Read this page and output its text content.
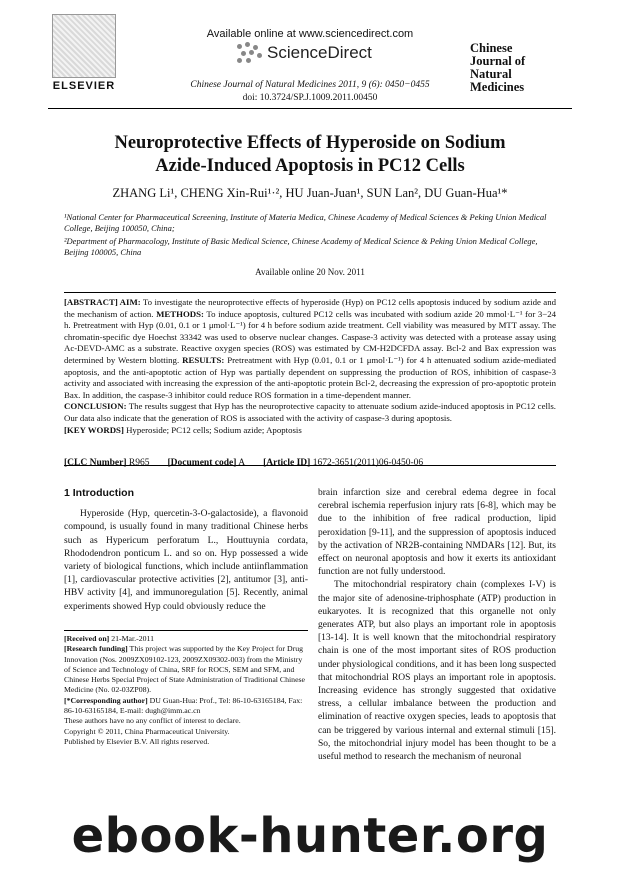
ELSEVIER
Available online at www.sciencedirect.com
ScienceDirect
Chinese Journal of Natural Medicines 2011, 9 (6): 0450−0455
doi: 10.3724/SP.J.1009.2011.00450
Chinese
Journal of
Natural
Medicines
Neuroprotective Effects of Hyperoside on Sodium
Azide-Induced Apoptosis in PC12 Cells
ZHANG Li¹, CHENG Xin-Rui¹·², HU Juan-Juan¹, SUN Lan², DU Guan-Hua¹*
¹National Center for Pharmaceutical Screening, Institute of Materia Medica, Chinese Academy of Medical Sciences & Peking Union Medical College, Beijing 100050, China;
²Department of Pharmacology, Institute of Basic Medical Science, Chinese Academy of Medical Science & Peking Union Medical College, Beijing 100005, China
Available online 20 Nov. 2011
[ABSTRACT] AIM: To investigate the neuroprotective effects of hyperoside (Hyp) on PC12 cells apoptosis induced by sodium azide and the mechanism of action. METHODS: To induce apoptosis, cultured PC12 cells was incubated with sodium azide 20 mmol·L⁻¹ for 3−24 h. Pretreatment with Hyp (0.01, 0.1 or 1 μmol·L⁻¹) for 4 h before sodium azide treatment. Cell viability was measured by MTT assay. The chromatin-specific dye Hoechst 33342 was used to observe nuclear changes. Caspase-3 activity was detected with a protease assay using Ac-DEVD-AMC as a substrate. Reactive oxygen species (ROS) was estimated by CM-H2DCFDA assay. Bcl-2 and Bax expression was determined by Western blotting. RESULTS: Pretreatment with Hyp (0.01, 0.1 or 1 μmol·L⁻¹) for 4 h attenuated sodium azide-mediated apoptosis, and the anti-apoptotic action of Hyp was partially dependent on suppressing the production of ROS, inhibition of caspase-3 activity and associated with increasing the expression of the anti-apoptotic protein Bcl-2, decreasing the expression of pro-apoptotic protein Bax. In addition, the caspase-3 inhibitor could reduce ROS formation in a time-dependent manner.
CONCLUSION: The results suggest that Hyp has the neuroprotective capacity to attenuate sodium azide-induced apoptosis in PC12 cells. Our data also indicate that the generation of ROS is associated with the activity of caspase-3 during apoptosis.
[KEY WORDS] Hyperoside; PC12 cells; Sodium azide; Apoptosis
[CLC Number] R965 [Document code] A [Article ID] 1672-3651(2011)06-0450-06
1 Introduction

Hyperoside (Hyp, quercetin-3-O-galactoside), a flavonoid compound, is usually found in many traditional Chinese herbs such as Hypericum perforatum L., Houttuynia cordata, Rhododendron ponticum L. and so on. Hyp possessed a wide variety of biological functions, which include antiinflammation [1], cardiovascular protective activities [2], antitumor [3], anti-HBV activity [4], and immunoregulation [5]. Recently, animal experiments showed Hyp could obviously reduce the

brain infarction size and cerebral edema degree in focal cerebral ischemia reperfusion injury rats [6-8], which may be due to the inhibition of free radical production, lipid peroxidation [9-11], and the suppression of apoptosis induced by the activation of NR2B-containing NMDARs [12]. But, its effect on neuronal apoptosis and how it exerts its antioxidant function are not fully understood.

The mitochondrial respiratory chain (complexes I-V) is the major site of adenosine-triphosphate (ATP) production in eukaryotes. It is recognized that this organelle not only generates ATP, but also plays an important role in apoptosis [13-14]. It is well known that the mitochondrial respiratory chain is one of the most important sites of ROS production under physiological conditions, and it has been long suspected that mitochondrial ROS plays an important role in apoptosis. Increasing evidence has strongly suggested that oxidative stress, a cellular imbalance between the production and elimination of reactive oxygen species, leads to apoptosis that can be triggered by various internal and external stimuli [15]. So, the mitochondrial injury model has been thought to be a useful method to research the mechanism of neuronal

[Received on] 21-Mar.-2011
[Research funding] This project was supported by the Key Project for Drug Innovation (Nos. 2009ZX09102-123, 2009ZX09302-003) from the Ministry of Science and Technology of China, SRF for ROCS, SEM and SFM, and Chinese Herbs Special Project of State Administration of Traditional Chinese Medicine (No. 02-03ZP08).
[*Corresponding author] DU Guan-Hua: Prof., Tel: 86-10-63165184, Fax: 86-10-63165184, E-mail: dugh@imm.ac.cn
These authors have no any conflict of interest to declare.
Copyright © 2011, China Pharmaceutical University.
Published by Elsevier B.V. All rights reserved.
ebook-hunter.org
